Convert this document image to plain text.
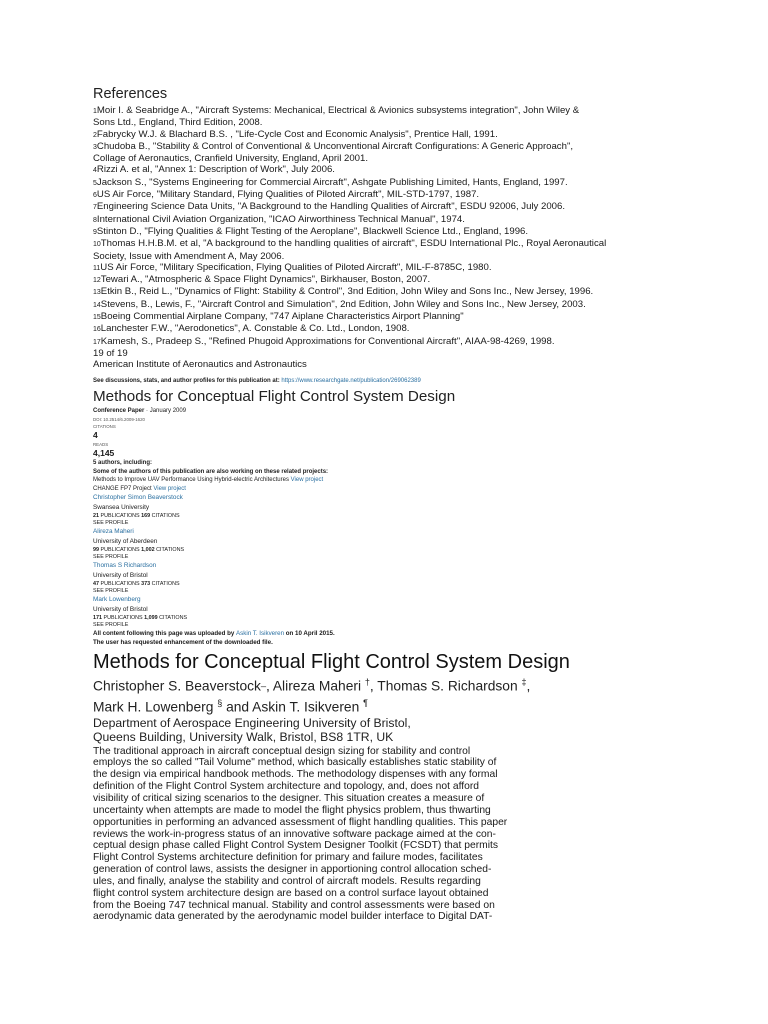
References
1Moir I. & Seabridge A., "Aircraft Systems: Mechanical, Electrical & Avionics subsystems integration", John Wiley &
Sons Ltd., England, Third Edition, 2008.
2Fabrycky W.J. & Blachard B.S. , "Life-Cycle Cost and Economic Analysis", Prentice Hall, 1991.
3Chudoba B., "Stability & Control of Conventional & Unconventional Aircraft Configurations: A Generic Approach",
Collage of Aeronautics, Cranfield University, England, April 2001.
4Rizzi A. et al, "Annex 1: Description of Work", July 2006.
5Jackson S., "Systems Engineering for Commercial Aircraft", Ashgate Publishing Limited, Hants, England, 1997.
6US Air Force, "Military Standard, Flying Qualities of Piloted Aircraft", MIL-STD-1797, 1987.
7Engineering Science Data Units, "A Background to the Handling Qualities of Aircraft", ESDU 92006, July 2006.
8International Civil Aviation Organization, "ICAO Airworthiness Technical Manual", 1974.
9Stinton D., "Flying Qualities & Flight Testing of the Aeroplane", Blackwell Science Ltd., England, 1996.
10Thomas H.H.B.M. et al, "A background to the handling qualities of aircraft", ESDU International Plc., Royal Aeronautical
Society, Issue with Amendment A, May 2006.
11US Air Force, "Military Specification, Flying Qualities of Piloted Aircraft", MIL-F-8785C, 1980.
12Tewari A., "Atmospheric & Space Flight Dynamics", Birkhauser, Boston, 2007.
13Etkin B., Reid L., "Dynamics of Flight: Stability & Control", 3nd Edition, John Wiley and Sons Inc., New Jersey, 1996.
14Stevens, B., Lewis, F., "Aircraft Control and Simulation", 2nd Edition, John Wiley and Sons Inc., New Jersey, 2003.
15Boeing Commential Airplane Company, "747 Aiplane Characteristics Airport Planning"
16Lanchester F.W., "Aerodonetics", A. Constable & Co. Ltd., London, 1908.
17Kamesh, S., Pradeep S., "Refined Phugoid Approximations for Conventional Aircraft", AIAA-98-4269, 1998.
19 of 19
American Institute of Aeronautics and Astronautics
See discussions, stats, and author profiles for this publication at: https://www.researchgate.net/publication/269062389
Methods for Conceptual Flight Control System Design
Conference Paper · January 2009
DOI: 10.2514/6.2009-1620
CITATIONS
4
READS
4,145
5 authors, including:
Some of the authors of this publication are also working on these related projects:
Methods to Improve UAV Performance Using Hybrid-electric Architectures View project
CHANGE FP7 Project View project
Christopher Simon Beaverstock
Swansea University
21 PUBLICATIONS 169 CITATIONS
SEE PROFILE
Alireza Maheri
University of Aberdeen
99 PUBLICATIONS 1,002 CITATIONS
SEE PROFILE
Thomas S Richardson
University of Bristol
47 PUBLICATIONS 373 CITATIONS
SEE PROFILE
Mark Lowenberg
University of Bristol
171 PUBLICATIONS 1,099 CITATIONS
SEE PROFILE
All content following this page was uploaded by Askin T. Isikveren on 10 April 2015.
The user has requested enhancement of the downloaded file.
Methods for Conceptual Flight Control System Design
Christopher S. Beaverstock_, Alireza Maheri †, Thomas S. Richardson ‡,
Mark H. Lowenberg § and Askin T. Isikveren ¶
Department of Aerospace Engineering University of Bristol,
Queens Building, University Walk, Bristol, BS8 1TR, UK
The traditional approach in aircraft conceptual design sizing for stability and control
employs the so called "Tail Volume" method, which basically establishes static stability of
the design via empirical handbook methods. The methodology dispenses with any formal
definition of the Flight Control System architecture and topology, and, does not afford
visibility of critical sizing scenarios to the designer. This situation creates a measure of
uncertainty when attempts are made to model the flight physics problem, thus thwarting
opportunities in performing an advanced assessment of flight handling qualities. This paper
reviews the work-in-progress status of an innovative software package aimed at the con-
ceptual design phase called Flight Control System Designer Toolkit (FCSDT) that permits
Flight Control Systems architecture definition for primary and failure modes, facilitates
generation of control laws, assists the designer in apportioning control allocation sched-
ules, and finally, analyse the stability and control of aircraft models. Results regarding
flight control system architecture design are based on a control surface layout obtained
from the Boeing 747 technical manual. Stability and control assessments were based on
aerodynamic data generated by the aerodynamic model builder interface to Digital DAT-
